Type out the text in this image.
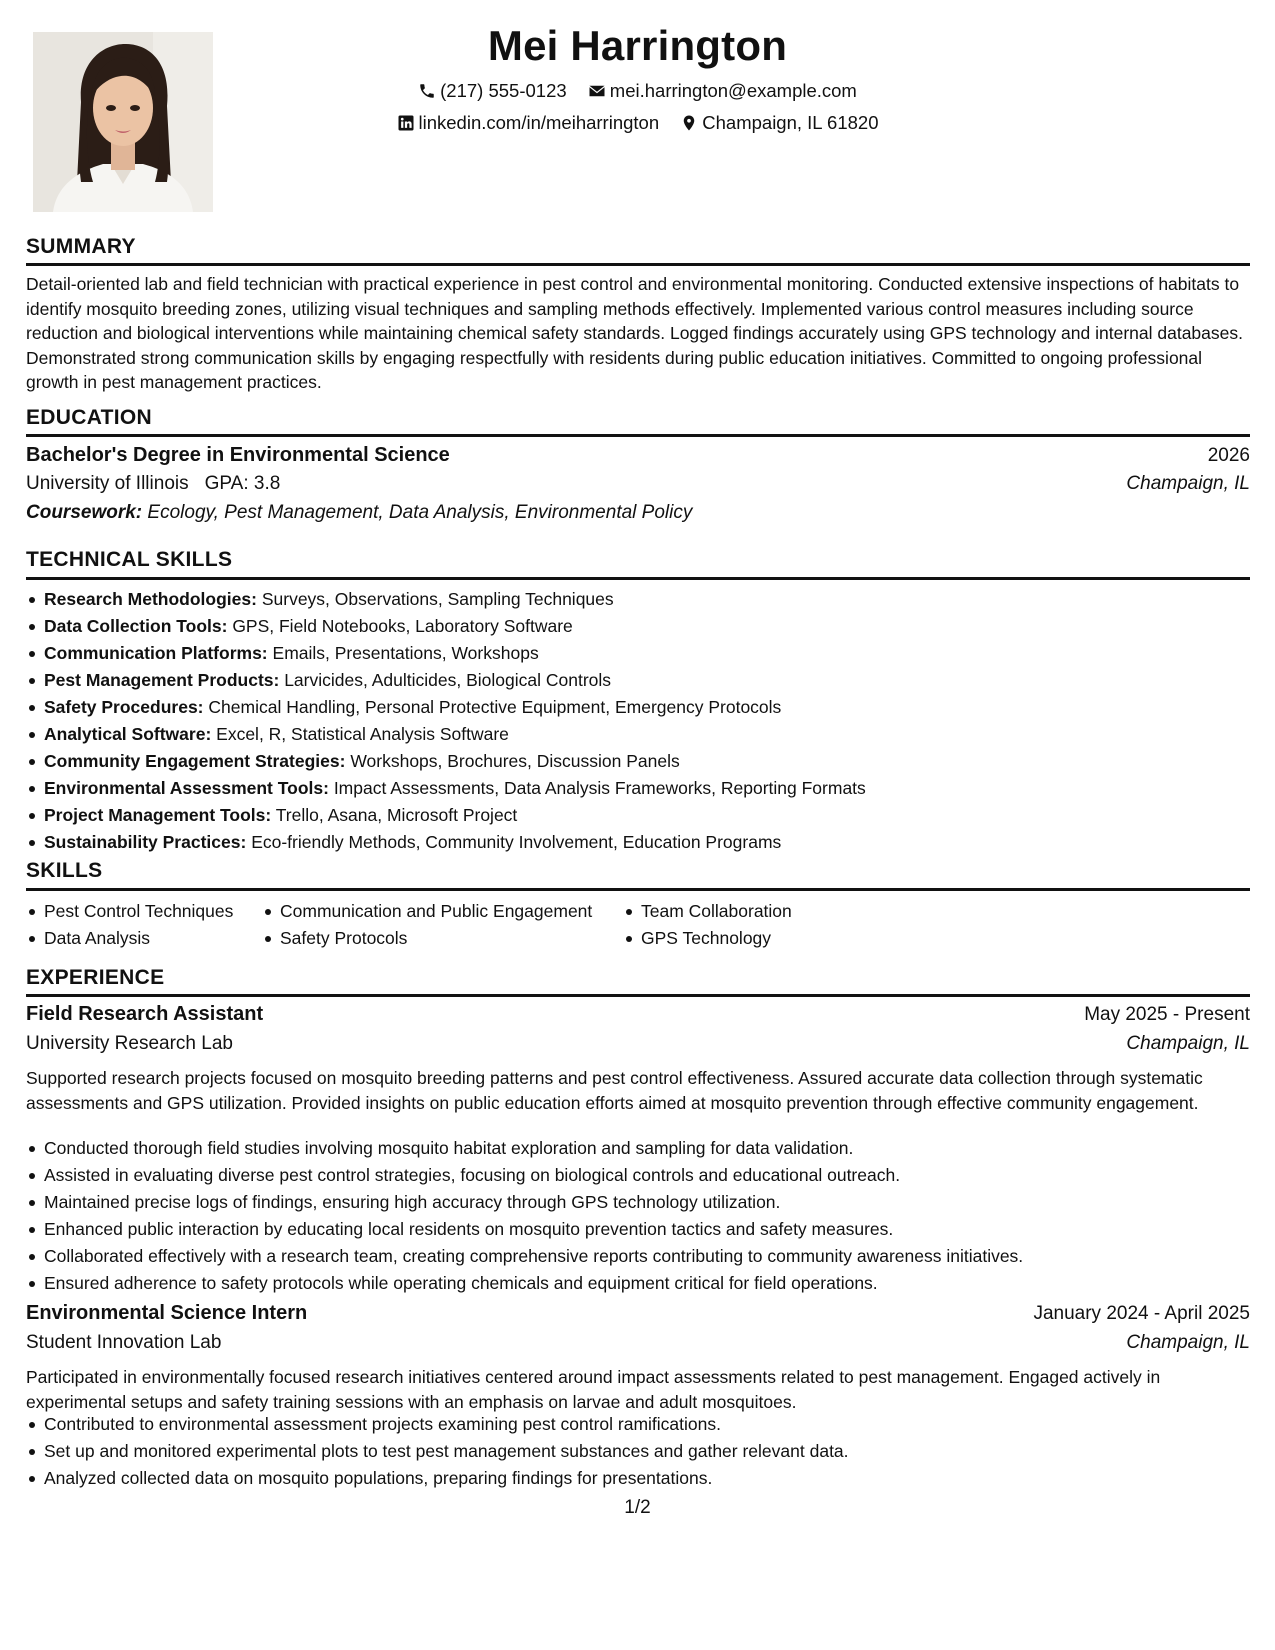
Mei Harrington
(217) 555-0123
mei.harrington@example.com
linkedin.com/in/meiharrington
Champaign, IL 61820
SUMMARY
Detail-oriented lab and field technician with practical experience in pest control and environmental monitoring. Conducted extensive inspections of habitats to identify mosquito breeding zones, utilizing visual techniques and sampling methods effectively. Implemented various control measures including source reduction and biological interventions while maintaining chemical safety standards. Logged findings accurately using GPS technology and internal databases. Demonstrated strong communication skills by engaging respectfully with residents during public education initiatives. Committed to ongoing professional growth in pest management practices.
EDUCATION
Bachelor's Degree in Environmental Science	2026
University of Illinois GPA: 3.8	Champaign, IL
Coursework: Ecology, Pest Management, Data Analysis, Environmental Policy
TECHNICAL SKILLS
Research Methodologies: Surveys, Observations, Sampling Techniques
Data Collection Tools: GPS, Field Notebooks, Laboratory Software
Communication Platforms: Emails, Presentations, Workshops
Pest Management Products: Larvicides, Adulticides, Biological Controls
Safety Procedures: Chemical Handling, Personal Protective Equipment, Emergency Protocols
Analytical Software: Excel, R, Statistical Analysis Software
Community Engagement Strategies: Workshops, Brochures, Discussion Panels
Environmental Assessment Tools: Impact Assessments, Data Analysis Frameworks, Reporting Formats
Project Management Tools: Trello, Asana, Microsoft Project
Sustainability Practices: Eco-friendly Methods, Community Involvement, Education Programs
SKILLS
Pest Control Techniques
Data Analysis
Communication and Public Engagement
Safety Protocols
Team Collaboration
GPS Technology
EXPERIENCE
Field Research Assistant	May 2025 - Present
University Research Lab	Champaign, IL
Supported research projects focused on mosquito breeding patterns and pest control effectiveness. Assured accurate data collection through systematic assessments and GPS utilization. Provided insights on public education efforts aimed at mosquito prevention through effective community engagement.
Conducted thorough field studies involving mosquito habitat exploration and sampling for data validation.
Assisted in evaluating diverse pest control strategies, focusing on biological controls and educational outreach.
Maintained precise logs of findings, ensuring high accuracy through GPS technology utilization.
Enhanced public interaction by educating local residents on mosquito prevention tactics and safety measures.
Collaborated effectively with a research team, creating comprehensive reports contributing to community awareness initiatives.
Ensured adherence to safety protocols while operating chemicals and equipment critical for field operations.
Environmental Science Intern	January 2024 - April 2025
Student Innovation Lab	Champaign, IL
Participated in environmentally focused research initiatives centered around impact assessments related to pest management. Engaged actively in experimental setups and safety training sessions with an emphasis on larvae and adult mosquitoes.
Contributed to environmental assessment projects examining pest control ramifications.
Set up and monitored experimental plots to test pest management substances and gather relevant data.
Analyzed collected data on mosquito populations, preparing findings for presentations.
1/2
